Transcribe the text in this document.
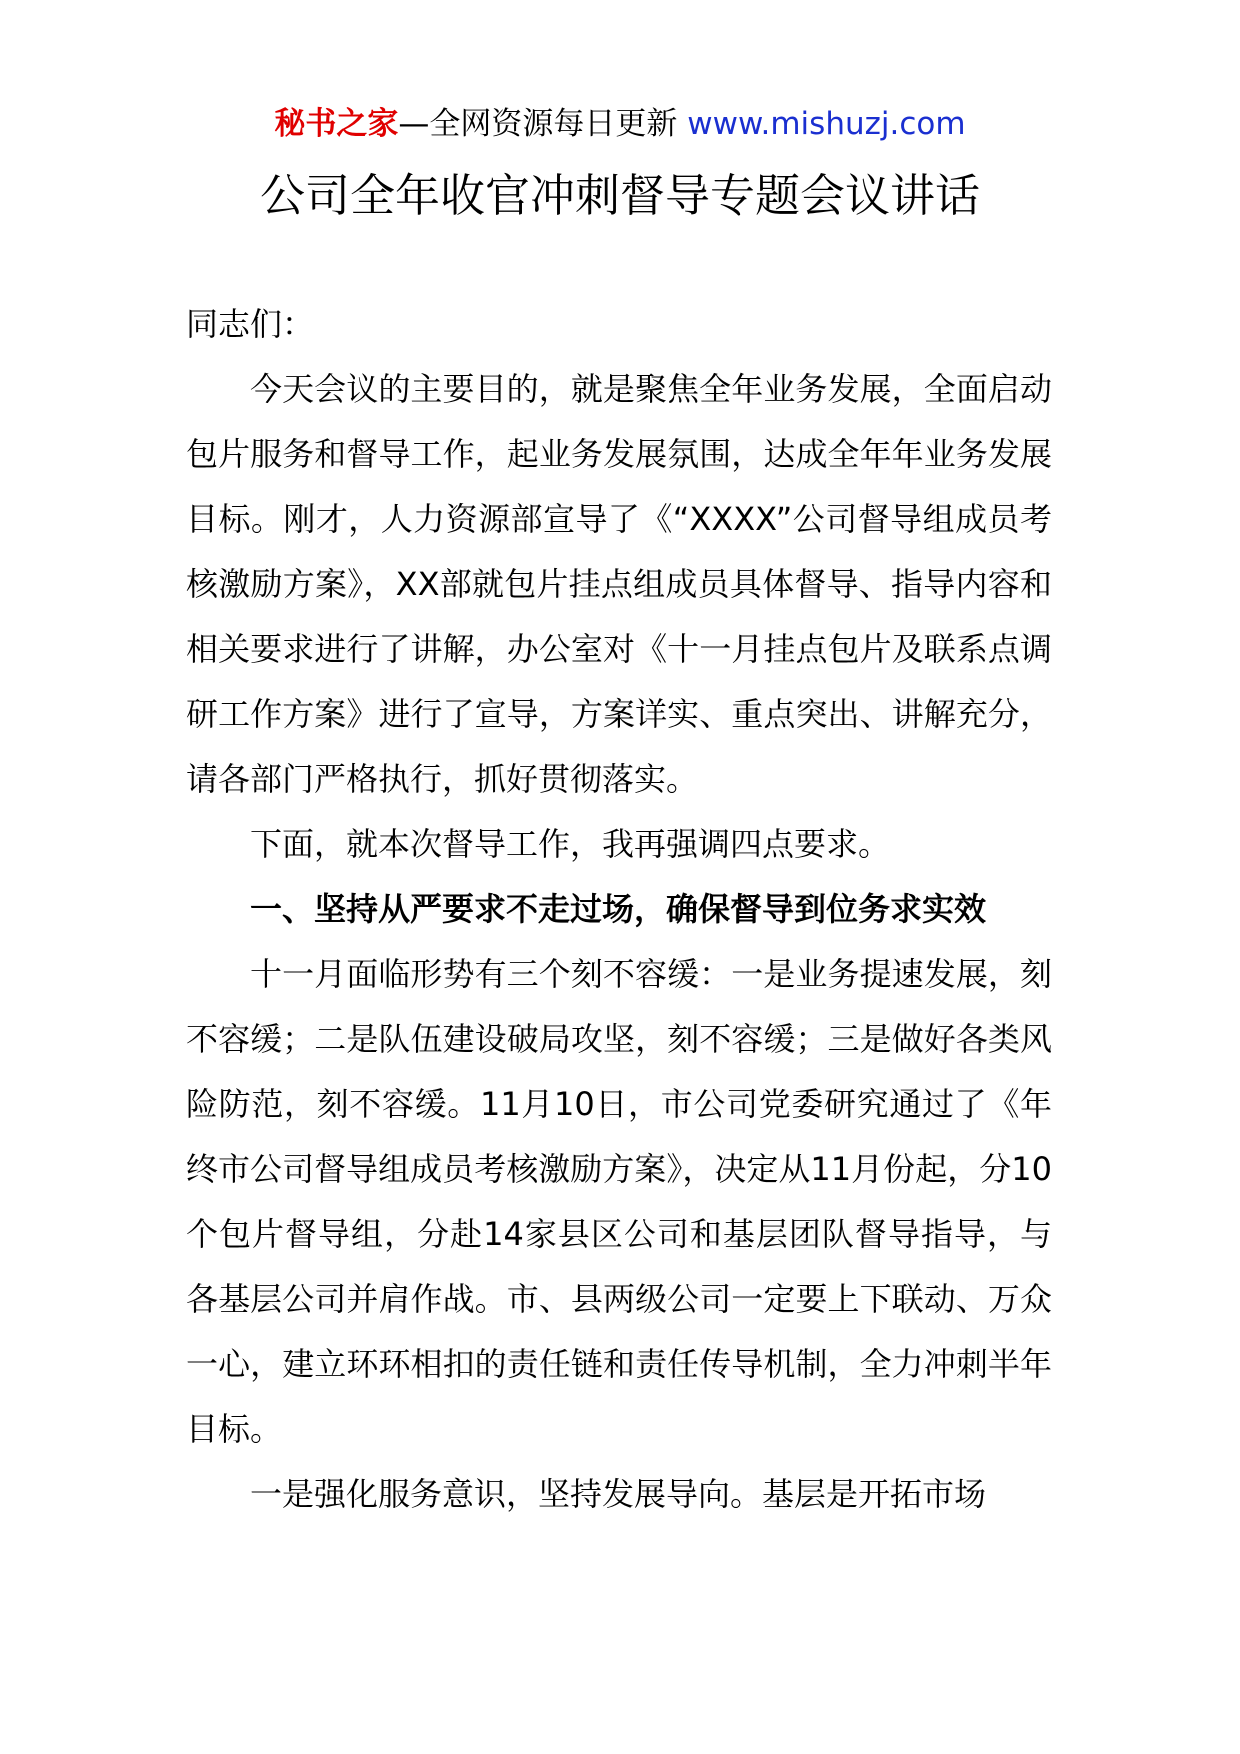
秘书之家—全网资源每日更新 www.mishuzj.com
公司全年收官冲刺督导专题会议讲话

同志们：

今天会议的主要目的，就是聚焦全年业务发展，全面启动包片服务和督导工作，起业务发展氛围，达成全年年业务发展目标。刚才，人力资源部宣导了《“XXXX”公司督导组成员考核激励方案》，XX部就包片挂点组成员具体督导、指导内容和相关要求进行了讲解，办公室对《十一月挂点包片及联系点调研工作方案》进行了宣导，方案详实、重点突出、讲解充分，请各部门严格执行，抓好贯彻落实。

下面，就本次督导工作，我再强调四点要求。

一、坚持从严要求不走过场，确保督导到位务求实效

十一月面临形势有三个刻不容缓：一是业务提速发展，刻不容缓；二是队伍建设破局攻坚，刻不容缓；三是做好各类风险防范，刻不容缓。11月10日，市公司党委研究通过了《年终市公司督导组成员考核激励方案》，决定从11月份起，分10个包片督导组，分赴14家县区公司和基层团队督导指导，与各基层公司并肩作战。市、县两级公司一定要上下联动、万众一心，建立环环相扣的责任链和责任传导机制，全力冲刺半年目标。

一是强化服务意识，坚持发展导向。基层是开拓市场
